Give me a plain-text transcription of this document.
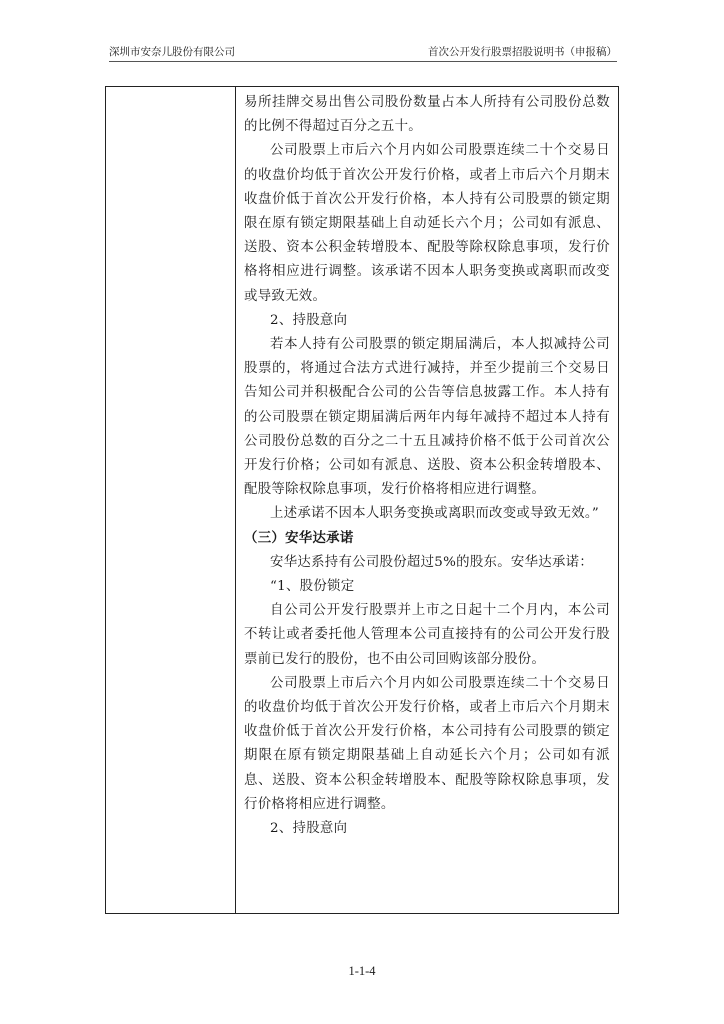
深圳市安奈儿股份有限公司	首次公开发行股票招股说明书（申报稿）

易所挂牌交易出售公司股份数量占本人所持有公司股份总数的比例不得超过百分之五十。

公司股票上市后六个月内如公司股票连续二十个交易日的收盘价均低于首次公开发行价格，或者上市后六个月期末收盘价低于首次公开发行价格，本人持有公司股票的锁定期限在原有锁定期限基础上自动延长六个月；公司如有派息、送股、资本公积金转增股本、配股等除权除息事项，发行价格将相应进行调整。该承诺不因本人职务变换或离职而改变或导致无效。

2、持股意向

若本人持有公司股票的锁定期届满后，本人拟减持公司股票的，将通过合法方式进行减持，并至少提前三个交易日告知公司并积极配合公司的公告等信息披露工作。本人持有的公司股票在锁定期届满后两年内每年减持不超过本人持有公司股份总数的百分之二十五且减持价格不低于公司首次公开发行价格；公司如有派息、送股、资本公积金转增股本、配股等除权除息事项，发行价格将相应进行调整。

上述承诺不因本人职务变换或离职而改变或导致无效。”

（三）安华达承诺

安华达系持有公司股份超过5%的股东。安华达承诺：

“1、股份锁定

自公司公开发行股票并上市之日起十二个月内，本公司不转让或者委托他人管理本公司直接持有的公司公开发行股票前已发行的股份，也不由公司回购该部分股份。

公司股票上市后六个月内如公司股票连续二十个交易日的收盘价均低于首次公开发行价格，或者上市后六个月期末收盘价低于首次公开发行价格，本公司持有公司股票的锁定期限在原有锁定期限基础上自动延长六个月；公司如有派息、送股、资本公积金转增股本、配股等除权除息事项，发行价格将相应进行调整。

2、持股意向

1-1-4
